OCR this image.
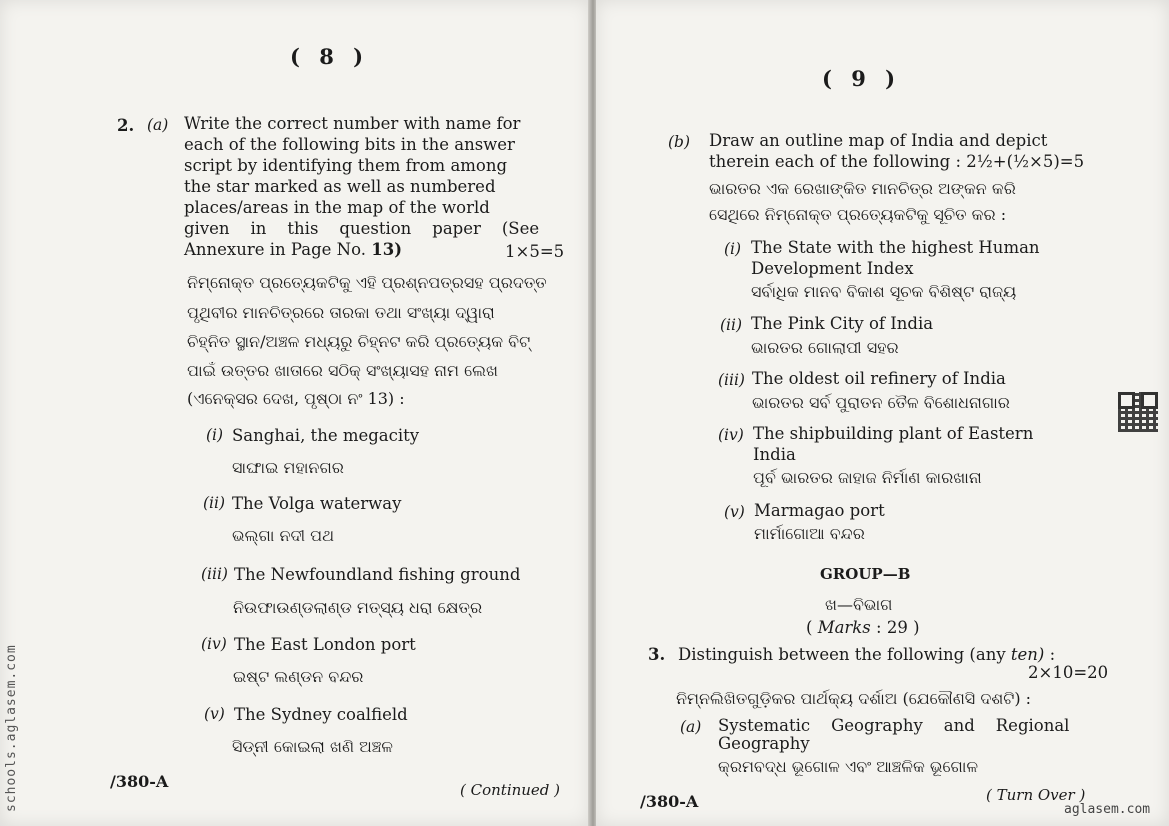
( 8 )
2. (a) Write the correct number with name for
each of the following bits in the answer
script by identifying them from among
the star marked as well as numbered
places/areas in the map of the world
given    in    this    question    paper    (See
Annexure in Page No. 13)	1×5=5
ନିମ୍ନୋକ୍ତ ପ୍ରତ୍ୟେକଟିକୁ ଏହି ପ୍ରଶ୍ନପତ୍ରସହ ପ୍ରଦତ୍ତ
ପୃଥିବୀର ମାନଚିତ୍ରରେ ତାରକା ତଥା ସଂଖ୍ୟା ଦ୍ୱାରା
ଚିହ୍ନିତ ସ୍ଥାନ/ଅଞ୍ଚଳ ମଧ୍ୟରୁ ଚିହ୍ନଟ କରି ପ୍ରତ୍ୟେକ ବିଟ୍
ପାଇଁ ଉତ୍ତର ଖାତାରେ ସଠିକ୍ ସଂଖ୍ୟାସହ ନାମ ଲେଖ
(ଏନେକ୍ସର ଦେଖ, ପୃଷ୍ଠା ନଂ 13) :
(i) Sanghai, the megacity
ସାଙ୍ଘାଇ ମହାନଗର
(ii) The Volga waterway
ଭଲ୍‌ଗା ନଦୀ ପଥ
(iii) The Newfoundland fishing ground
ନିଉଫାଉଣ୍ଡଲାଣ୍ଡ ମତ୍ସ୍ୟ ଧରା କ୍ଷେତ୍ର
(iv) The East London port
ଇଷ୍ଟ ଲଣ୍ଡନ ବନ୍ଦର
(v) The Sydney coalfield
ସିଡ୍‌ନୀ କୋଇଲା ଖଣି ଅଞ୍ଚଳ
/380-A	( Continued )
( 9 )
(b) Draw an outline map of India and depict
therein each of the following : 2½+(½×5)=5
ଭାରତର ଏକ ରେଖାଙ୍କିତ ମାନଚିତ୍ର ଅଙ୍କନ କରି
ସେଥିରେ ନିମ୍ନୋକ୍ତ ପ୍ରତ୍ୟେକଟିକୁ ସୂଚିତ କର :
(i) The State with the highest Human
Development Index
ସର୍ବାଧିକ ମାନବ ବିକାଶ ସୂଚକ ବିଶିଷ୍ଟ ରାଜ୍ୟ
(ii) The Pink City of India
ଭାରତର ଗୋଲାପୀ ସହର
(iii) The oldest oil refinery of India
ଭାରତର ସର୍ବ ପୁରାତନ ତୈଳ ବିଶୋଧନାଗାର
(iv) The shipbuilding plant of Eastern
India
ପୂର୍ବ ଭାରତର ଜାହାଜ ନିର୍ମାଣ କାରଖାନା
(v) Marmagao port
ମାର୍ମାଗୋଆ ବନ୍ଦର
GROUP—B
ଖ—ବିଭାଗ
( Marks : 29 )
3. Distinguish between the following (any ten) :
2×10=20
ନିମ୍ନଲିଖିତଗୁଡ଼ିକର ପାର୍ଥକ୍ୟ ଦର୍ଶାଅ (ଯେକୌଣସି ଦଶଟି) :
(a) Systematic    Geography    and    Regional
Geography
କ୍ରମବଦ୍ଧ ଭୂଗୋଳ ଏବଂ ଆଞ୍ଚଳିକ ଭୂଗୋଳ
/380-A	( Turn Over )
schools.aglasem.com	aglasem.com
